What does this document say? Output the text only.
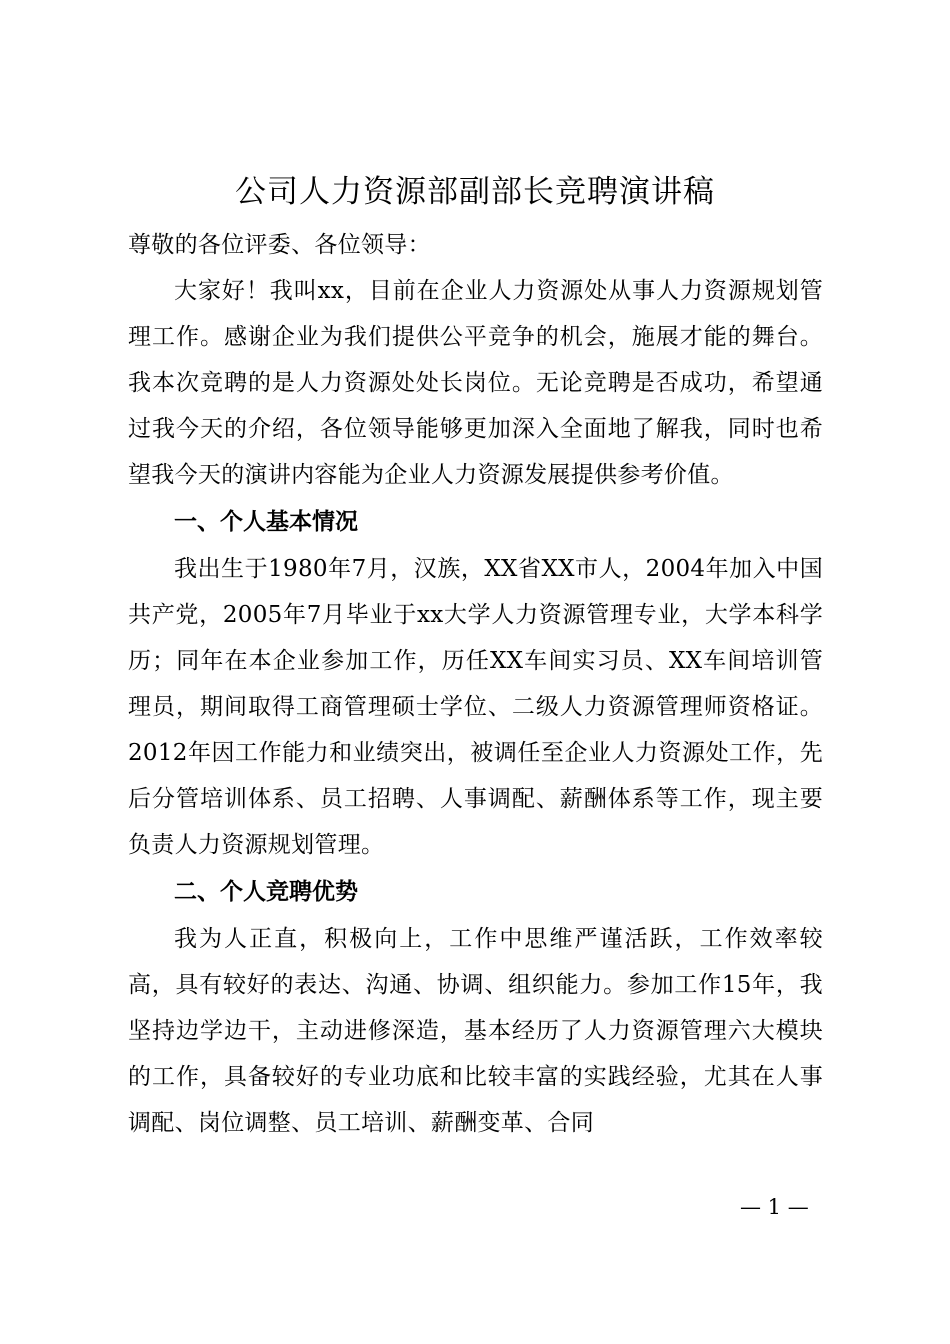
公司人力资源部副部长竞聘演讲稿

尊敬的各位评委、各位领导：

大家好！我叫xx，目前在企业人力资源处从事人力资源规划管理工作。感谢企业为我们提供公平竞争的机会，施展才能的舞台。我本次竞聘的是人力资源处处长岗位。无论竞聘是否成功，希望通过我今天的介绍，各位领导能够更加深入全面地了解我，同时也希望我今天的演讲内容能为企业人力资源发展提供参考价值。

一、个人基本情况

我出生于1980年7月，汉族，XX省XX市人，2004年加入中国共产党，2005年7月毕业于xx大学人力资源管理专业，大学本科学历；同年在本企业参加工作，历任XX车间实习员、XX车间培训管理员，期间取得工商管理硕士学位、二级人力资源管理师资格证。2012年因工作能力和业绩突出，被调任至企业人力资源处工作，先后分管培训体系、员工招聘、人事调配、薪酬体系等工作，现主要负责人力资源规划管理。

二、个人竞聘优势

我为人正直，积极向上，工作中思维严谨活跃，工作效率较高，具有较好的表达、沟通、协调、组织能力。参加工作15年，我坚持边学边干，主动进修深造，基本经历了人力资源管理六大模块的工作，具备较好的专业功底和比较丰富的实践经验，尤其在人事调配、岗位调整、员工培训、薪酬变革、合同

— 1 —
